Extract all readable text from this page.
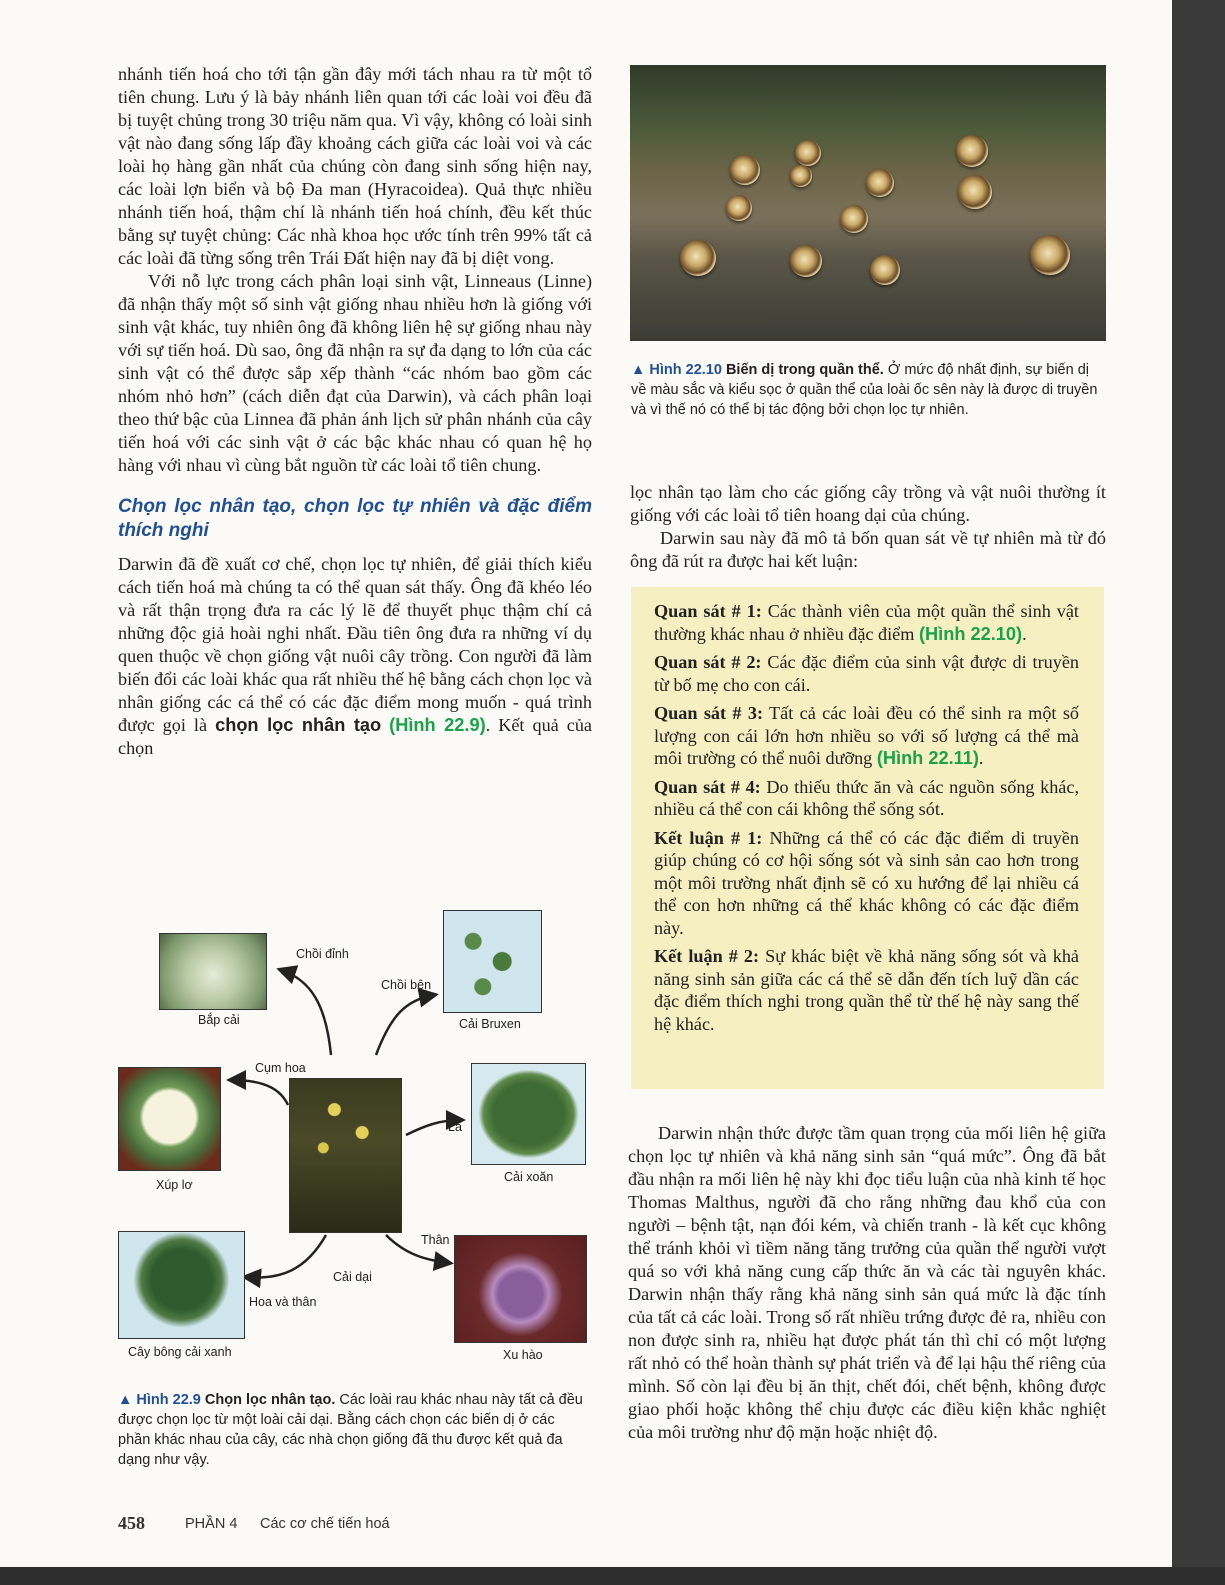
nhánh tiến hoá cho tới tận gần đây mới tách nhau ra từ một tổ tiên chung. Lưu ý là bảy nhánh liên quan tới các loài voi đều đã bị tuyệt chủng trong 30 triệu năm qua. Vì vậy, không có loài sinh vật nào đang sống lấp đầy khoảng cách giữa các loài voi và các loài họ hàng gần nhất của chúng còn đang sinh sống hiện nay, các loài lợn biển và bộ Đa man (Hyracoidea). Quả thực nhiều nhánh tiến hoá, thậm chí là nhánh tiến hoá chính, đều kết thúc bằng sự tuyệt chủng: Các nhà khoa học ước tính trên 99% tất cả các loài đã từng sống trên Trái Đất hiện nay đã bị diệt vong.

Với nỗ lực trong cách phân loại sinh vật, Linneaus (Linne) đã nhận thấy một số sinh vật giống nhau nhiều hơn là giống với sinh vật khác, tuy nhiên ông đã không liên hệ sự giống nhau này với sự tiến hoá. Dù sao, ông đã nhận ra sự đa dạng to lớn của các sinh vật có thể được sắp xếp thành “các nhóm bao gồm các nhóm nhỏ hơn” (cách diễn đạt của Darwin), và cách phân loại theo thứ bậc của Linnea đã phản ánh lịch sử phân nhánh của cây tiến hoá với các sinh vật ở các bậc khác nhau có quan hệ họ hàng với nhau vì cùng bắt nguồn từ các loài tổ tiên chung.

Chọn lọc nhân tạo, chọn lọc tự nhiên và đặc điểm thích nghi

Darwin đã đề xuất cơ chế, chọn lọc tự nhiên, để giải thích kiểu cách tiến hoá mà chúng ta có thể quan sát thấy. Ông đã khéo léo và rất thận trọng đưa ra các lý lẽ để thuyết phục thậm chí cả những độc giả hoài nghi nhất. Đầu tiên ông đưa ra những ví dụ quen thuộc về chọn giống vật nuôi cây trồng. Con người đã làm biến đổi các loài khác qua rất nhiều thế hệ bằng cách chọn lọc và nhân giống các cá thể có các đặc điểm mong muốn - quá trình được gọi là chọn lọc nhân tạo (Hình 22.9). Kết quả của chọn

Chồi đỉnh
Bắp cải
Chồi bên
Cải Bruxen
Cụm hoa
Xúp lơ
Cải dại
Lá
Cải xoăn
Hoa và thân
Cây bông cải xanh
Thân
Xu hào
▲ Hình 22.9 Chọn lọc nhân tạo. Các loài rau khác nhau này tất cả đều được chọn lọc từ một loài cải dại. Bằng cách chọn các biến dị ở các phần khác nhau của cây, các nhà chọn giống đã thu được kết quả đa dạng như vậy.
▲ Hình 22.10 Biến dị trong quần thể. Ở mức độ nhất định, sự biến dị về màu sắc và kiểu sọc ở quần thể của loài ốc sên này là được di truyền và vì thế nó có thể bị tác động bởi chọn lọc tự nhiên.

lọc nhân tạo làm cho các giống cây trồng và vật nuôi thường ít giống với các loài tổ tiên hoang dại của chúng.

Darwin sau này đã mô tả bốn quan sát về tự nhiên mà từ đó ông đã rút ra được hai kết luận:

Quan sát # 1: Các thành viên của một quần thể sinh vật thường khác nhau ở nhiều đặc điểm (Hình 22.10).

Quan sát # 2: Các đặc điểm của sinh vật được di truyền từ bố mẹ cho con cái.

Quan sát # 3: Tất cả các loài đều có thể sinh ra một số lượng con cái lớn hơn nhiều so với số lượng cá thể mà môi trường có thể nuôi dưỡng (Hình 22.11).

Quan sát # 4: Do thiếu thức ăn và các nguồn sống khác, nhiều cá thể con cái không thể sống sót.

Kết luận # 1: Những cá thể có các đặc điểm di truyền giúp chúng có cơ hội sống sót và sinh sản cao hơn trong một môi trường nhất định sẽ có xu hướng để lại nhiều cá thể con hơn những cá thể khác không có các đặc điểm này.

Kết luận # 2: Sự khác biệt về khả năng sống sót và khả năng sinh sản giữa các cá thể sẽ dẫn đến tích luỹ dần các đặc điểm thích nghi trong quần thể từ thế hệ này sang thế hệ khác.

Darwin nhận thức được tầm quan trọng của mối liên hệ giữa chọn lọc tự nhiên và khả năng sinh sản “quá mức”. Ông đã bắt đầu nhận ra mối liên hệ này khi đọc tiểu luận của nhà kinh tế học Thomas Malthus, người đã cho rằng những đau khổ của con người – bệnh tật, nạn đói kém, và chiến tranh - là kết cục không thể tránh khỏi vì tiềm năng tăng trưởng của quần thể người vượt quá so với khả năng cung cấp thức ăn và các tài nguyên khác. Darwin nhận thấy rằng khả năng sinh sản quá mức là đặc tính của tất cả các loài. Trong số rất nhiều trứng được đẻ ra, nhiều con non được sinh ra, nhiều hạt được phát tán thì chỉ có một lượng rất nhỏ có thể hoàn thành sự phát triển và để lại hậu thế riêng của mình. Số còn lại đều bị ăn thịt, chết đói, chết bệnh, không được giao phối hoặc không thể chịu được các điều kiện khắc nghiệt của môi trường như độ mặn hoặc nhiệt độ.

458	PHẦN 4 Các cơ chế tiến hoá
